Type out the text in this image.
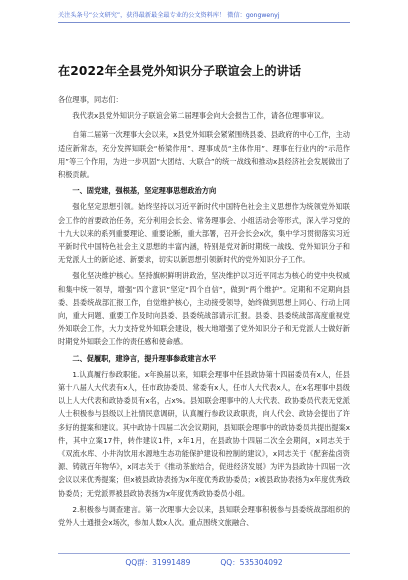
关注头条号“公文研究”，获得最新最全最专业的公文资料库！ 微信：gongwenyj
在2022年全县党外知识分子联谊会上的讲话

各位理事，同志们：

我代表x县党外知识分子联谊会第二届理事会向大会报告工作，请各位理事审议。

自第二届第一次理事大会以来，x县党外知联会紧紧围绕县委、县政府的中心工作，主动适应新常态，充分发挥知联会“桥梁作用”、理事成员“主体作用”、理事在行业内的“示范作用”等三个作用，为进一步巩固“大团结、大联合”的统一战线和推动x县经济社会发展做出了积极贡献。

一、固党建，强根基，坚定理事思想政治方向

强化坚定思想引领。始终坚持以习近平新时代中国特色社会主义思想作为统领党外知联会工作的首要政治任务，充分利用会长会、常务理事会、小组活动会等形式，深入学习党的十九大以来的系列重要理论、重要论断，重大部署，召开会长会x次，集中学习贯彻落实习近平新时代中国特色社会主义思想的丰富内涵，特别是党对新时期统一战线、党外知识分子和无党派人士的新论述、新要求，切实以新思想引领新时代的党外知识分子工作。

强化坚决维护核心。坚持旗帜鲜明讲政治，坚决维护以习近平同志为核心的党中央权威和集中统一领导，增强“四个意识”坚定“四个自信”，做到“两个维护”。定期和不定期向县委、县委统战部汇报工作，自觉维护核心，主动接受领导，始终做到思想上同心、行动上同向，重大问题、重要工作及时向县委、县委统战部请示汇报。县委、县委统战部高度重视党外知联会工作，大力支持党外知联会建设，极大地增强了党外知识分子和无党派人士做好新时期党外知联会工作的责任感和使命感。

二、促履职，建诤言，提升理事参政建言水平

1.认真履行参政职能。x年换届以来，知联会理事中任县政协第十四届委员有x人，任县第十八届人大代表有x人，任市政协委员、常委有x人，任市人大代表x人，在x名理事中县级以上人大代表和政协委员有x名，占x%。县知联会理事中的人大代表、政协委员代表无党派人士积极参与县级以上社情民意调研，认真履行参政议政职责，向人代会、政协会提出了许多好的提案和建议。其中政协十四届二次会议期间，县知联会理事中的政协委员共提出提案x件，其中立案17件，转作建议1件，x年1月，在县政协十四届二次全会期间，x同志关于《双流水库、小井沟饮用水源地生态功能保护建设和控制的建议》，x同志关于《配套盐卤资源、铸就百年物华》，x同志关于《推动茶旅结合，促进经济发展》为评为县政协十四届一次会议以来优秀提案；但x被县政协表扬为x年度优秀政协委员；x被县政协表扬为x年度优秀政协委员；无党派界被县政协表扬为x年度优秀政协委员小组。

2.积极参与调查建言。第一次理事大会以来，县知联会理事积极参与县委统战部组织的党外人士通报会x场次，参加人数x人次。重点围绕文旅融合、

QQ群：31991489	QQ：535304092
